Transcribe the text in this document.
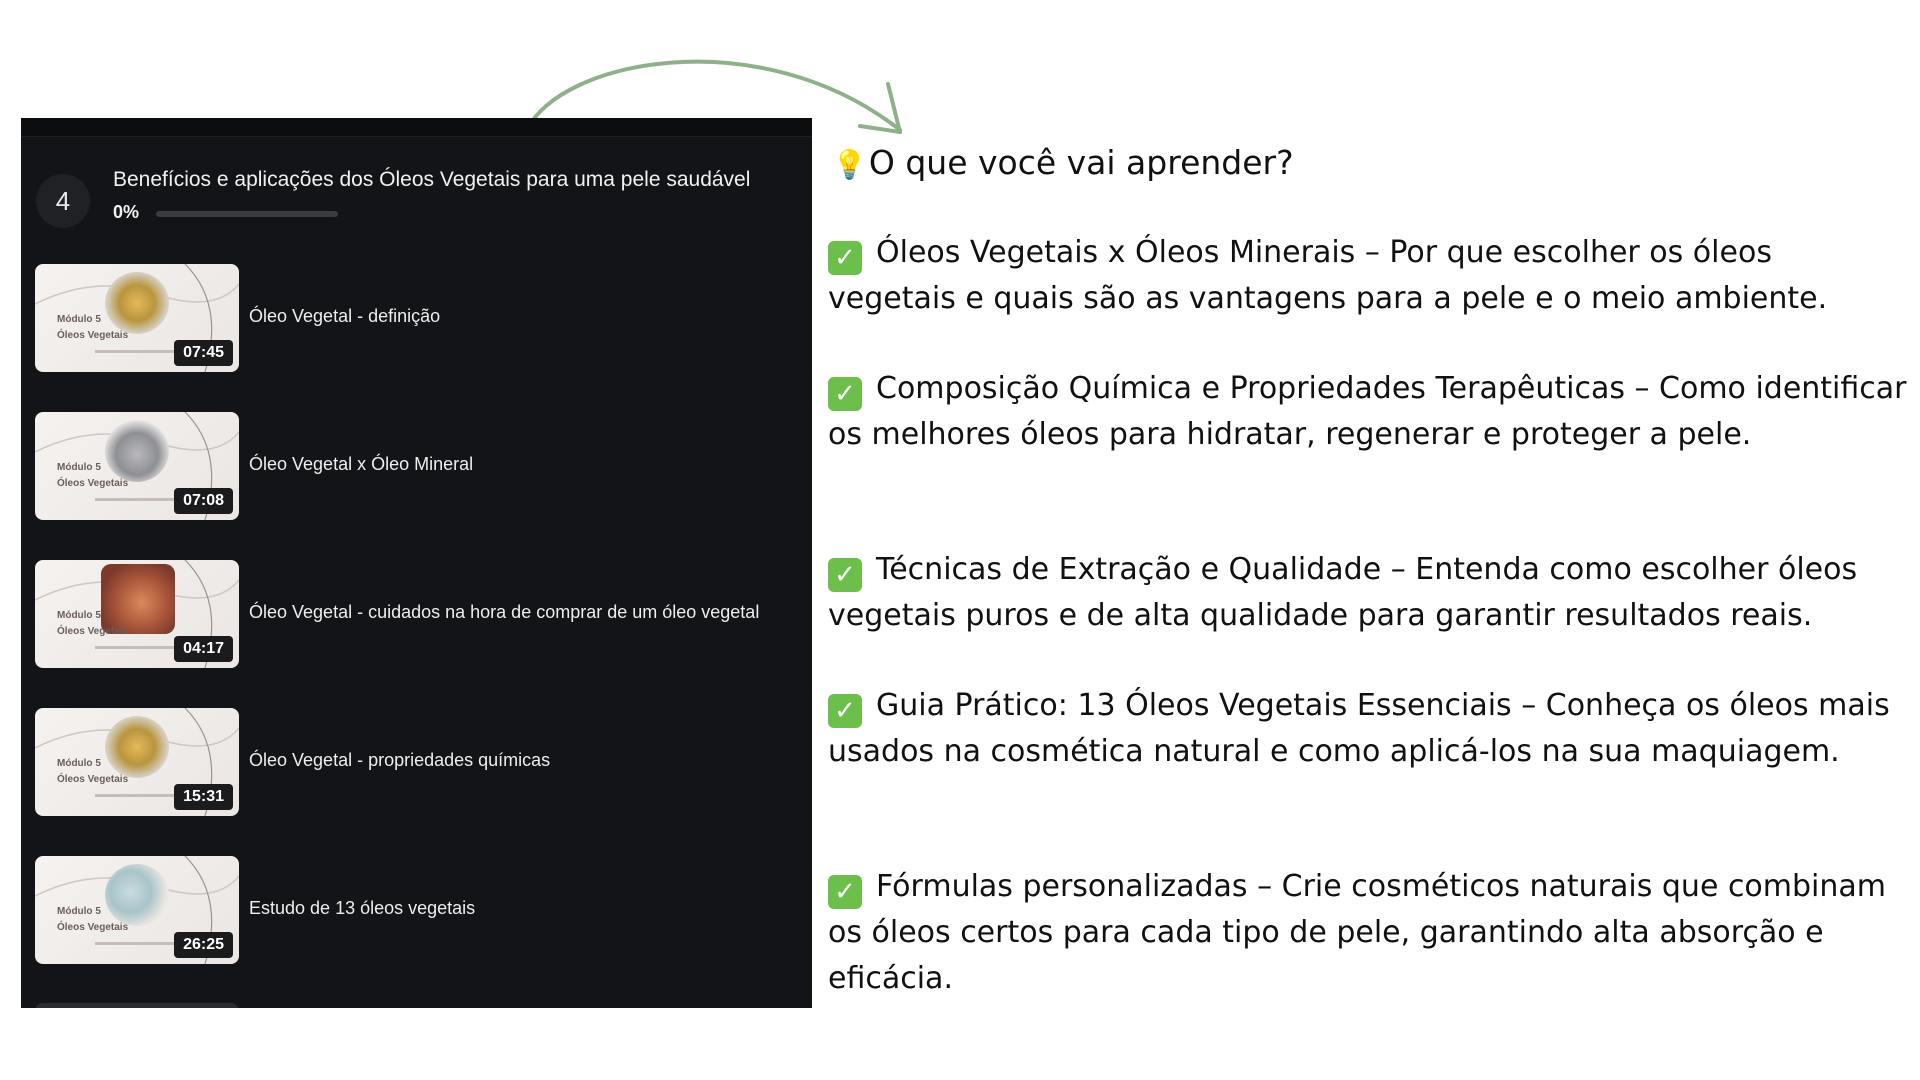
4
Benefícios e aplicações dos Óleos Vegetais para uma pele saudável
0%
Módulo 5
Óleos Vegetais
07:45
Óleo Vegetal - definição
Módulo 5
Óleos Vegetais
07:08
Óleo Vegetal x Óleo Mineral
Módulo 5
Óleos Vegetais
04:17
Óleo Vegetal - cuidados na hora de comprar de um óleo vegetal
Módulo 5
Óleos Vegetais
15:31
Óleo Vegetal - propriedades químicas
Módulo 5
Óleos Vegetais
26:25
Estudo de 13 óleos vegetais
💡O que você vai aprender?
✓ Óleos Vegetais x Óleos Minerais – Por que escolher os óleos vegetais e quais são as vantagens para a pele e o meio ambiente.
✓ Composição Química e Propriedades Terapêuticas – Como identificar os melhores óleos para hidratar, regenerar e proteger a pele.
✓ Técnicas de Extração e Qualidade – Entenda como escolher óleos vegetais puros e de alta qualidade para garantir resultados reais.
✓ Guia Prático: 13 Óleos Vegetais Essenciais – Conheça os óleos mais usados na cosmética natural e como aplicá-los na sua maquiagem.
✓ Fórmulas personalizadas – Crie cosméticos naturais que combinam os óleos certos para cada tipo de pele, garantindo alta absorção e eficácia.
